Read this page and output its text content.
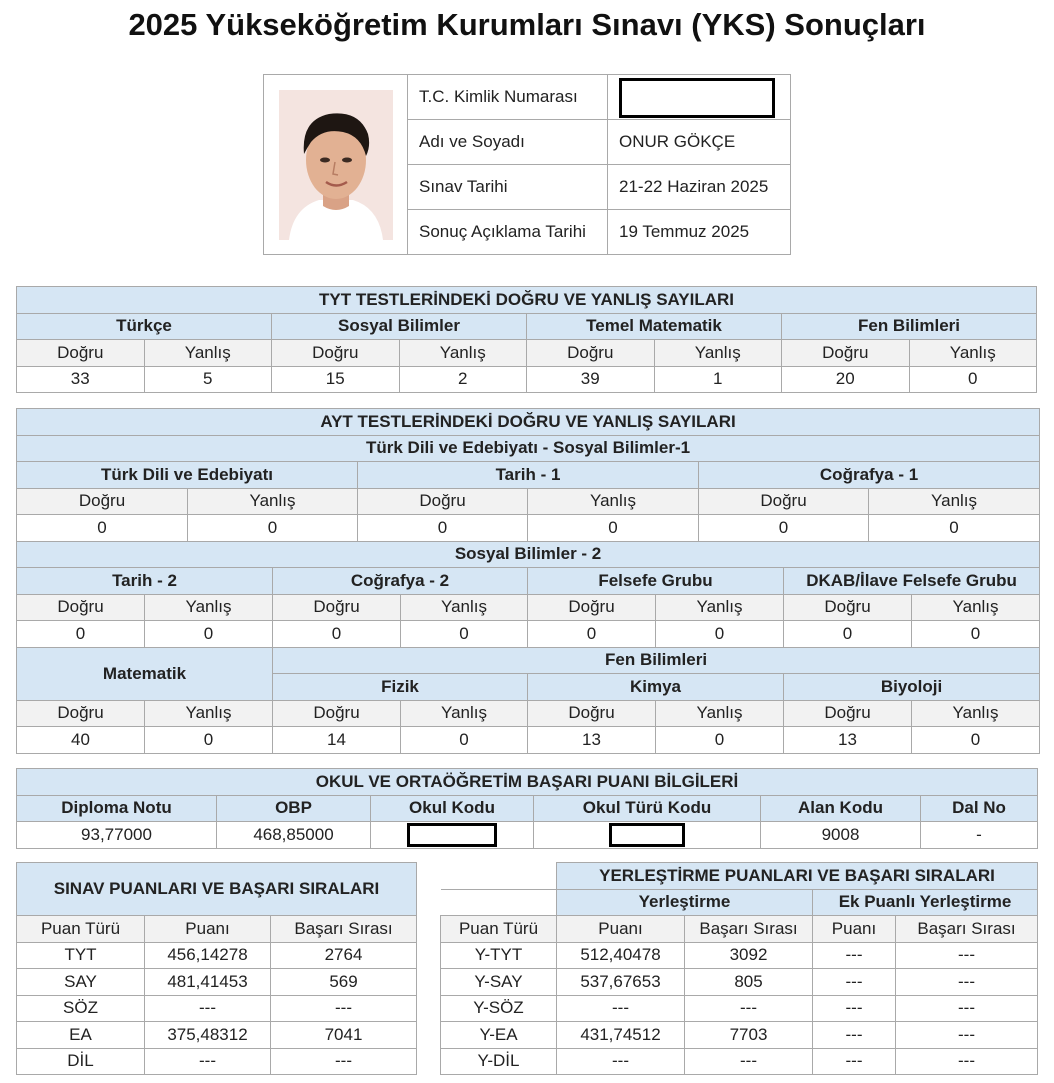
2025 Yükseköğretim Kurumları Sınavı (YKS) Sonuçları
	T.C. Kimlik Numarası	
	Adı ve Soyadı	ONUR GÖKÇE
	Sınav Tarihi	21-22 Haziran 2025
	Sonuç Açıklama Tarihi	19 Temmuz 2025
TYT TESTLERİNDEKİ DOĞRU VE YANLIŞ SAYILARI							
Türkçe		Sosyal Bilimler		Temel Matematik		Fen Bilimleri	
Doğru	Yanlış	Doğru	Yanlış	Doğru	Yanlış	Doğru	Yanlış
33	5	15	2	39	1	20	0
AYT TESTLERİNDEKİ DOĞRU VE YANLIŞ SAYILARI											
Türk Dili ve Edebiyatı - Sosyal Bilimler-1											
Türk Dili ve Edebiyatı				Tarih - 1				Coğrafya - 1			
Doğru		Yanlış		Doğru		Yanlış		Doğru		Yanlış	
0		0		0		0		0		0	
Sosyal Bilimler - 2											
Tarih - 2			Coğrafya - 2			Felsefe Grubu			DKAB/İlave Felsefe Grubu		
Doğru	Yanlış		Doğru		Yanlış	Doğru	Yanlış		Doğru		Yanlış
0	0		0		0	0	0		0		0
Matematik			Fen Bilimleri								
			Fizik			Kimya			Biyoloji		
Doğru	Yanlış		Doğru		Yanlış	Doğru	Yanlış		Doğru		Yanlış
40	0		14		0	13	0		13		0
OKUL VE ORTAÖĞRETİM BAŞARI PUANI BİLGİLERİ					
Diploma Notu	OBP	Okul Kodu	Okul Türü Kodu	Alan Kodu	Dal No
93,77000	468,85000			9008	-
SINAV PUANLARI VE BAŞARI SIRALARI		
Puan Türü	Puanı	Başarı Sırası
TYT	456,14278	2764
SAY	481,41453	569
SÖZ	---	---
EA	375,48312	7041
DİL	---	---
	YERLEŞTİRME PUANLARI VE BAŞARI SIRALARI			
	Yerleştirme		Ek Puanlı Yerleştirme	
Puan Türü	Puanı	Başarı Sırası	Puanı	Başarı Sırası
Y-TYT	512,40478	3092	---	---
Y-SAY	537,67653	805	---	---
Y-SÖZ	---	---	---	---
Y-EA	431,74512	7703	---	---
Y-DİL	---	---	---	---
